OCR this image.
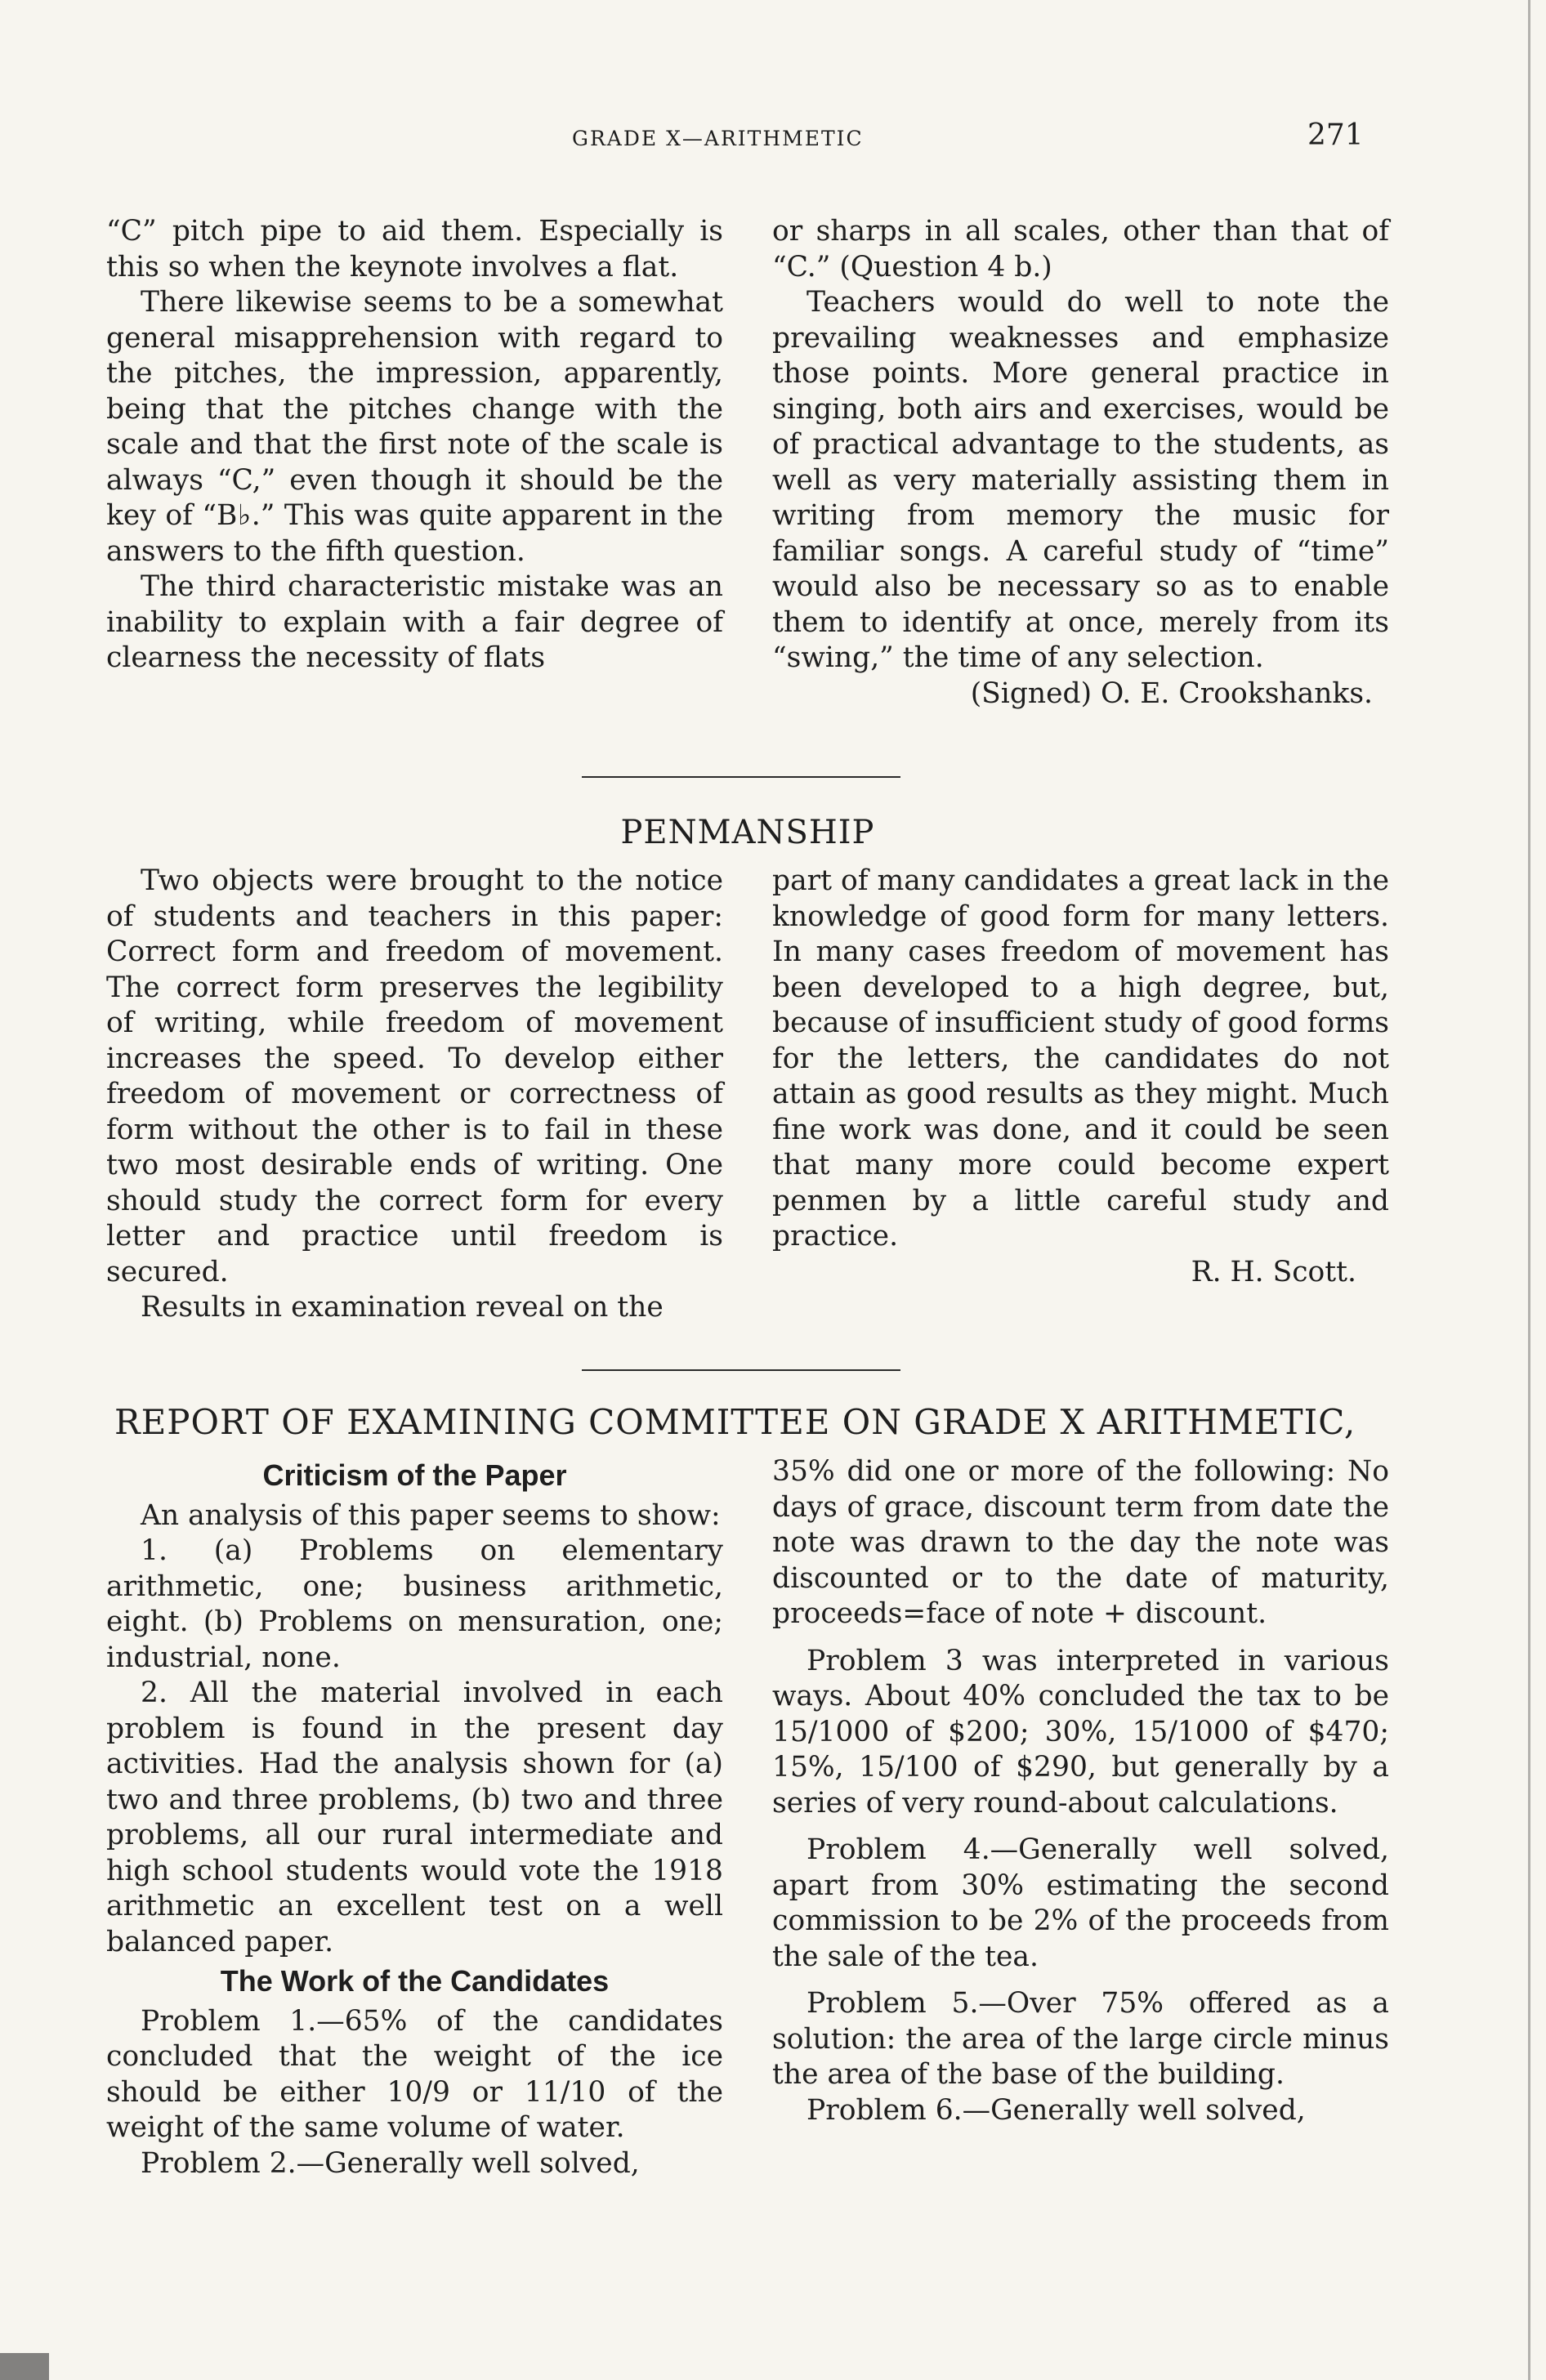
GRADE X—ARITHMETIC	271

“C” pitch pipe to aid them. Especially is this so when the keynote involves a flat.

There likewise seems to be a somewhat general misapprehension with regard to the pitches, the impression, apparently, being that the pitches change with the scale and that the first note of the scale is always “C,” even though it should be the key of “B♭.” This was quite apparent in the answers to the fifth question.

The third characteristic mistake was an inability to explain with a fair degree of clearness the necessity of flats

or sharps in all scales, other than that of “C.” (Question 4 b.)

Teachers would do well to note the prevailing weaknesses and emphasize those points. More general practice in singing, both airs and exercises, would be of practical advantage to the students, as well as very materially assisting them in writing from memory the music for familiar songs. A careful study of “time” would also be necessary so as to enable them to identify at once, merely from its “swing,” the time of any selection.

(Signed) O. E. Crookshanks.

PENMANSHIP

Two objects were brought to the notice of students and teachers in this paper: Correct form and freedom of movement. The correct form preserves the legibility of writing, while freedom of movement increases the speed. To develop either freedom of movement or correctness of form without the other is to fail in these two most desirable ends of writing. One should study the correct form for every letter and practice until freedom is secured.

Results in examination reveal on the

part of many candidates a great lack in the knowledge of good form for many letters. In many cases freedom of movement has been developed to a high degree, but, because of insufficient study of good forms for the letters, the candidates do not attain as good results as they might. Much fine work was done, and it could be seen that many more could become expert penmen by a little careful study and practice.

R. H. Scott.

REPORT OF EXAMINING COMMITTEE ON GRADE X ARITHMETIC,
Criticism of the Paper

An analysis of this paper seems to show:

1. (a) Problems on elementary arithmetic, one; business arithmetic, eight. (b) Problems on mensuration, one; industrial, none.

2. All the material involved in each problem is found in the present day activities. Had the analysis shown for (a) two and three problems, (b) two and three problems, all our rural intermediate and high school students would vote the 1918 arithmetic an excellent test on a well balanced paper.

The Work of the Candidates

Problem 1.—65% of the candidates concluded that the weight of the ice should be either 10/9 or 11/10 of the weight of the same volume of water.

Problem 2.—Generally well solved,

35% did one or more of the following: No days of grace, discount term from date the note was drawn to the day the note was discounted or to the date of maturity, proceeds=face of note + discount.

Problem 3 was interpreted in various ways. About 40% concluded the tax to be 15/1000 of $200; 30%, 15/1000 of $470; 15%, 15/100 of $290, but generally by a series of very round-about calculations.

Problem 4.—Generally well solved, apart from 30% estimating the second commission to be 2% of the proceeds from the sale of the tea.

Problem 5.—Over 75% offered as a solution: the area of the large circle minus the area of the base of the building.

Problem 6.—Generally well solved,
